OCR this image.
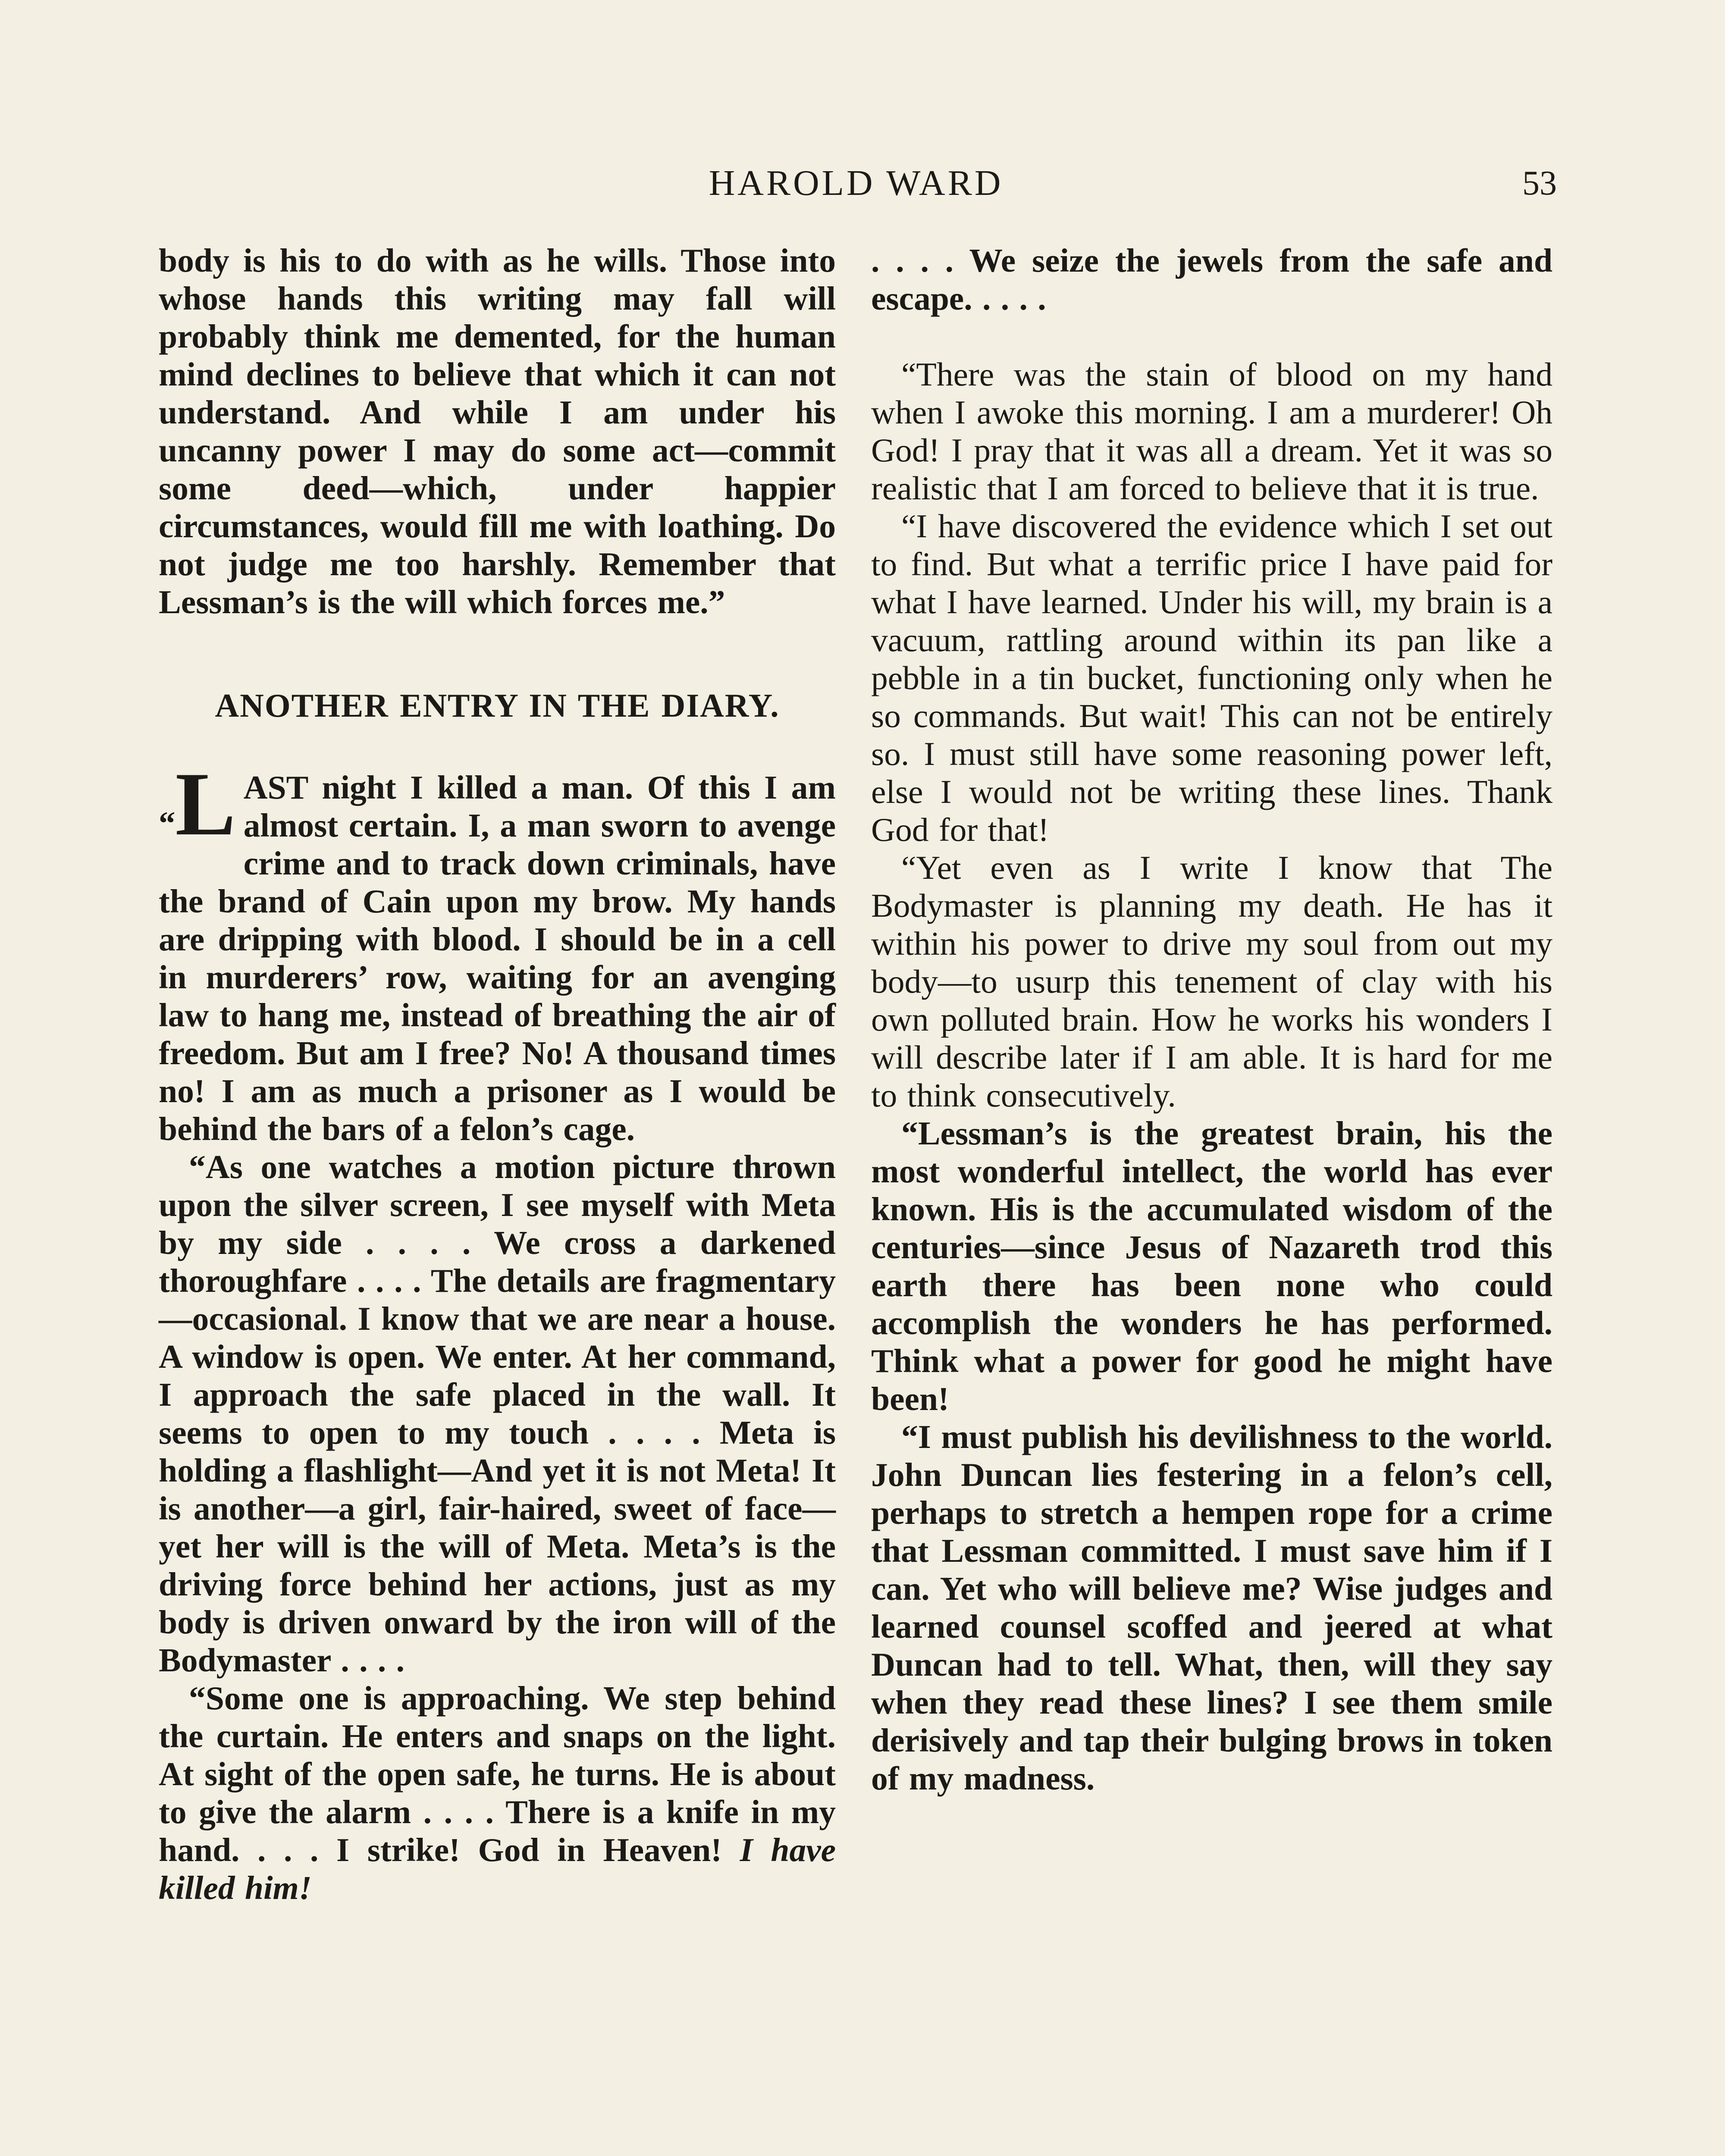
HAROLD WARD	53

body is his to do with as he wills. Those into whose hands this writing may fall will probably think me demented, for the human mind declines to believe that which it can not understand. And while I am under his uncanny power I may do some act—commit some deed—which, under happier circumstances, would fill me with loathing. Do not judge me too harshly. Remember that Lessman’s is the will which forces me.”

ANOTHER ENTRY IN THE DIARY.

“L AST night I killed a man. Of this I am almost certain. I, a man sworn to avenge crime and to track down criminals, have the brand of Cain upon my brow. My hands are dripping with blood. I should be in a cell in murderers’ row, waiting for an avenging law to hang me, instead of breathing the air of freedom. But am I free? No! A thousand times no! I am as much a prisoner as I would be behind the bars of a felon’s cage.

“As one watches a motion picture thrown upon the silver screen, I see myself with Meta by my side . . . . We cross a darkened thoroughfare . . . . The details are fragmentary—occasional. I know that we are near a house. A window is open. We enter. At her command, I approach the safe placed in the wall. It seems to open to my touch . . . . Meta is holding a flashlight—And yet it is not Meta! It is another—a girl, fair-haired, sweet of face—yet her will is the will of Meta. Meta’s is the driving force behind her actions, just as my body is driven onward by the iron will of the Bodymaster . . . .

“Some one is approaching. We step behind the curtain. He enters and snaps on the light. At sight of the open safe, he turns. He is about to give the alarm . . . . There is a knife in my hand. . . . I strike! God in Heaven! I have killed him!

. . . . We seize the jewels from the safe and escape. . . . .

“There was the stain of blood on my hand when I awoke this morning. I am a murderer! Oh God! I pray that it was all a dream. Yet it was so realistic that I am forced to believe that it is true.

“I have discovered the evidence which I set out to find. But what a terrific price I have paid for what I have learned. Under his will, my brain is a vacuum, rattling around within its pan like a pebble in a tin bucket, functioning only when he so commands. But wait! This can not be entirely so. I must still have some reasoning power left, else I would not be writing these lines. Thank God for that!

“Yet even as I write I know that The Bodymaster is planning my death. He has it within his power to drive my soul from out my body—to usurp this tenement of clay with his own polluted brain. How he works his wonders I will describe later if I am able. It is hard for me to think consecutively.

“Lessman’s is the greatest brain, his the most wonderful intellect, the world has ever known. His is the accumulated wisdom of the centuries—since Jesus of Nazareth trod this earth there has been none who could accomplish the wonders he has performed. Think what a power for good he might have been!

“I must publish his devilishness to the world. John Duncan lies festering in a felon’s cell, perhaps to stretch a hempen rope for a crime that Lessman committed. I must save him if I can. Yet who will believe me? Wise judges and learned counsel scoffed and jeered at what Duncan had to tell. What, then, will they say when they read these lines? I see them smile derisively and tap their bulging brows in token of my madness.
